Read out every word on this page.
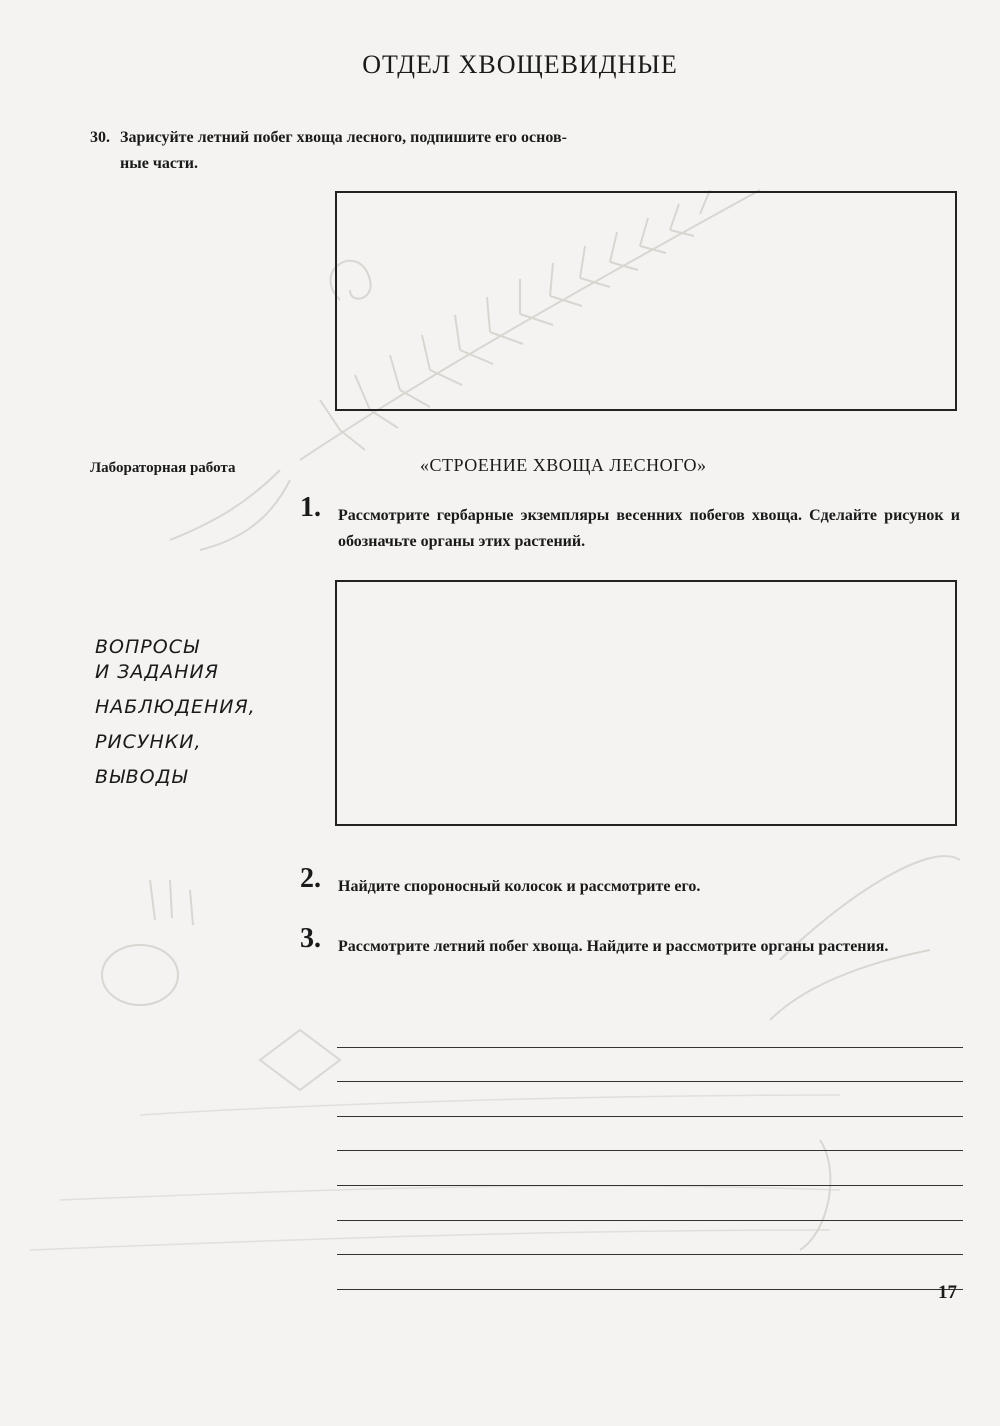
ОТДЕЛ ХВОЩЕВИДНЫЕ
30. Зарисуйте летний побег хвоща лесного, подпишите его основ-
ные части.
Лабораторная работа	«СТРОЕНИЕ ХВОЩА ЛЕСНОГО»
1.	Рассмотрите гербарные экземпляры весенних побегов хвоща. Сделайте рисунок и обозначьте органы этих растений.
ВОПРОСЫ
И ЗАДАНИЯ
НАБЛЮДЕНИЯ,
РИСУНКИ,
ВЫВОДЫ
2.	Найдите спороносный колосок и рассмотрите его.
3.	Рассмотрите летний побег хвоща. Найдите и рассмотрите органы растения.
17
